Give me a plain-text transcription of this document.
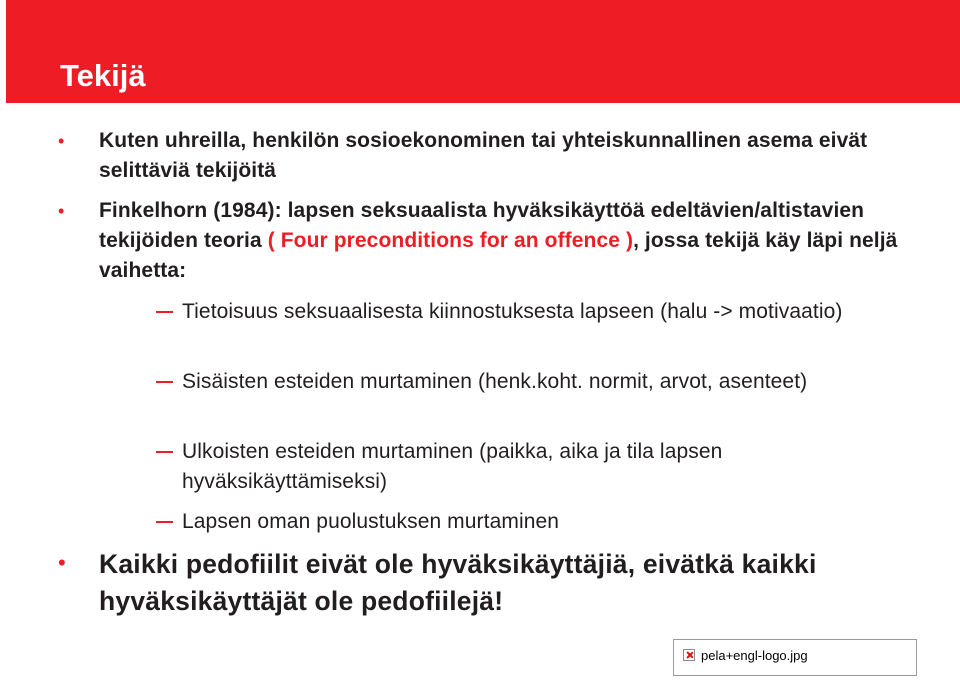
Tekijä
• Kuten uhreilla, henkilön sosioekonominen tai yhteiskunnallinen asema eivät selittäviä tekijöitä
• Finkelhorn (1984): lapsen seksuaalista hyväksikäyttöä edeltävien/altistavien tekijöiden teoria ( Four preconditions for an offence ), jossa tekijä käy läpi neljä vaihetta:
Tietoisuus seksuaalisesta kiinnostuksesta lapseen (halu -> motivaatio)
Sisäisten esteiden murtaminen (henk.koht. normit, arvot, asenteet)
Ulkoisten esteiden murtaminen (paikka, aika ja tila lapsen hyväksikäyttämiseksi)
Lapsen oman puolustuksen murtaminen
• Kaikki pedofiilit eivät ole hyväksikäyttäjiä, eivätkä kaikki hyväksikäyttäjät ole pedofiilejä!
pela+engl-logo.jpg
